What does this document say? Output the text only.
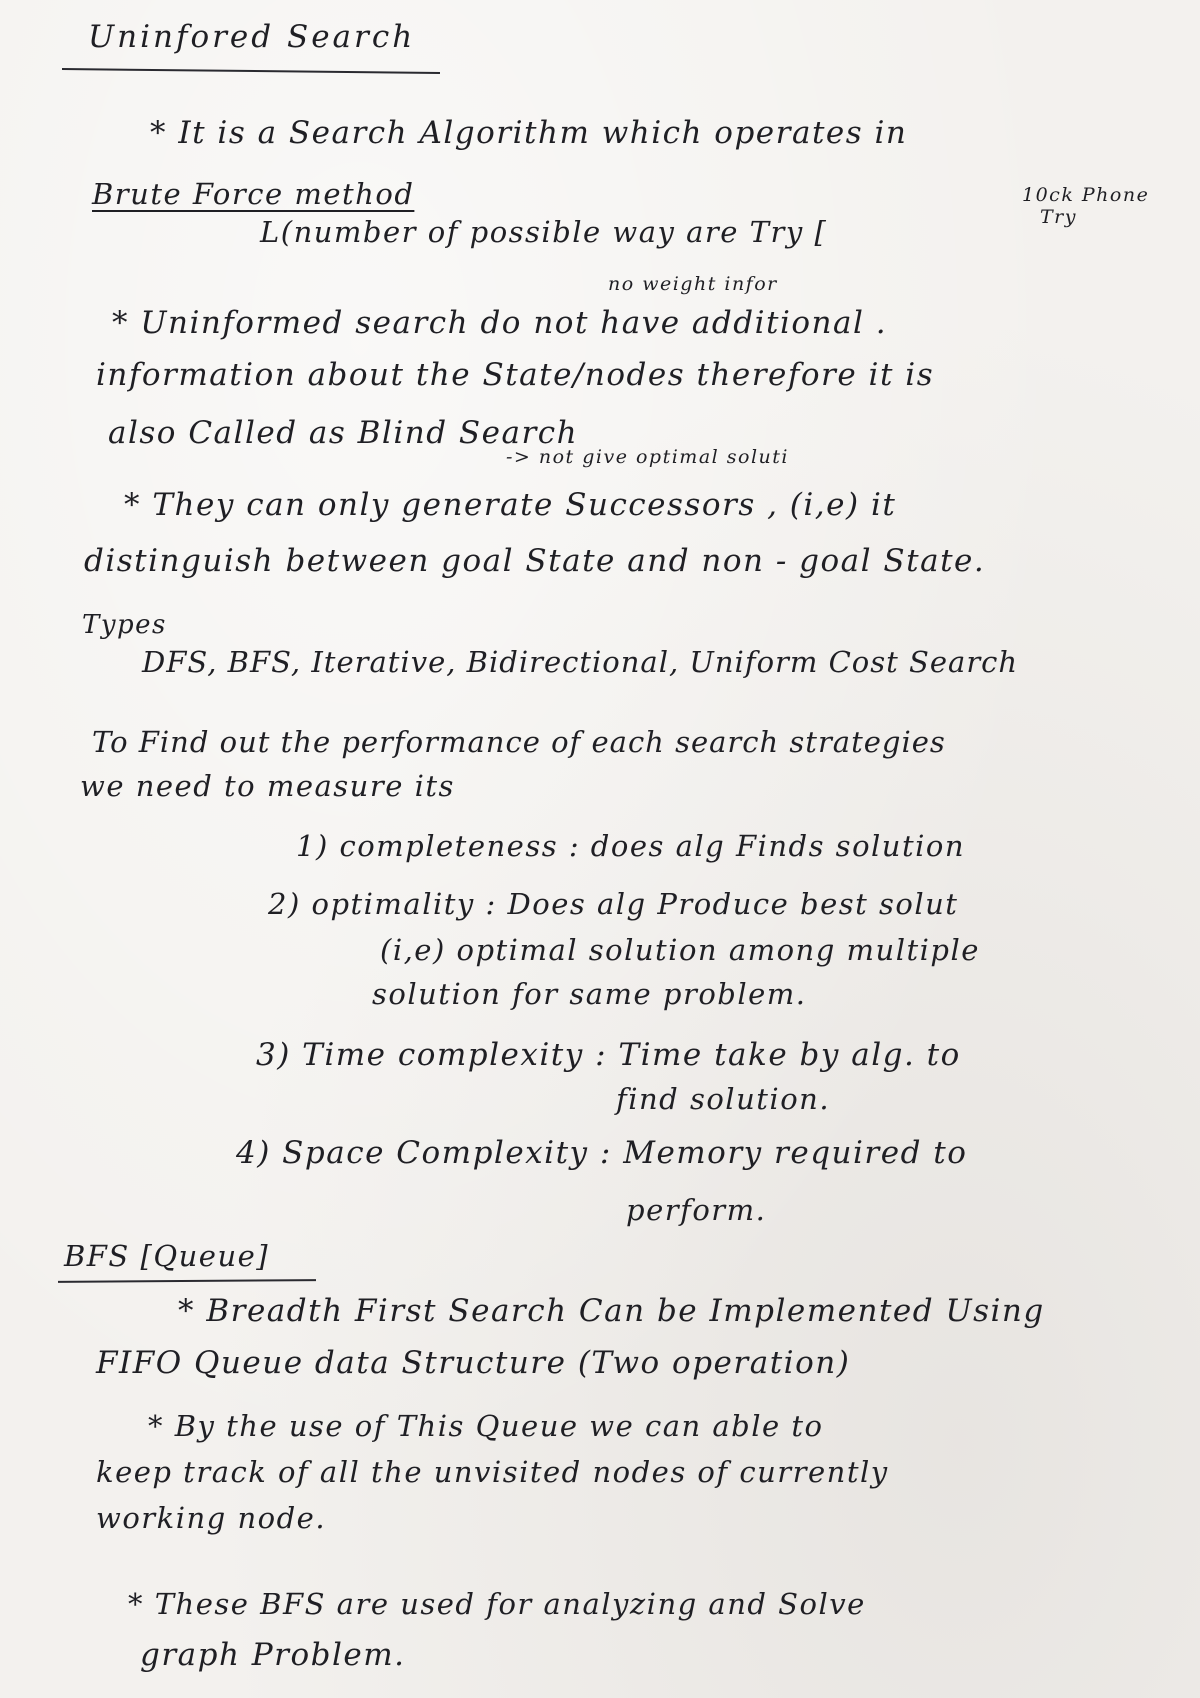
Uninfored Search
* It is a Search Algorithm which operates in
Brute Force method
L(number of possible way are Try [
10ck Phone
Try
no weight infor
* Uninformed search do not have additional .
information about the State/nodes therefore it is
also Called as Blind Search
-> not give optimal soluti
* They can only generate Successors , (i,e) it
distinguish between goal State and non - goal State.
Types
DFS, BFS, Iterative, Bidirectional, Uniform Cost Search
To Find out the performance of each search strategies
we need to measure its
1) completeness : does alg Finds solution
2) optimality : Does alg Produce best solut
(i,e) optimal solution among multiple
solution for same problem.
3) Time complexity : Time take by alg. to
find solution.
4) Space Complexity : Memory required to
perform.
BFS [Queue]
* Breadth First Search Can be Implemented Using
FIFO Queue data Structure (Two operation)
* By the use of This Queue we can able to
keep track of all the unvisited nodes of currently
working node.
* These BFS are used for analyzing and Solve
graph Problem.
